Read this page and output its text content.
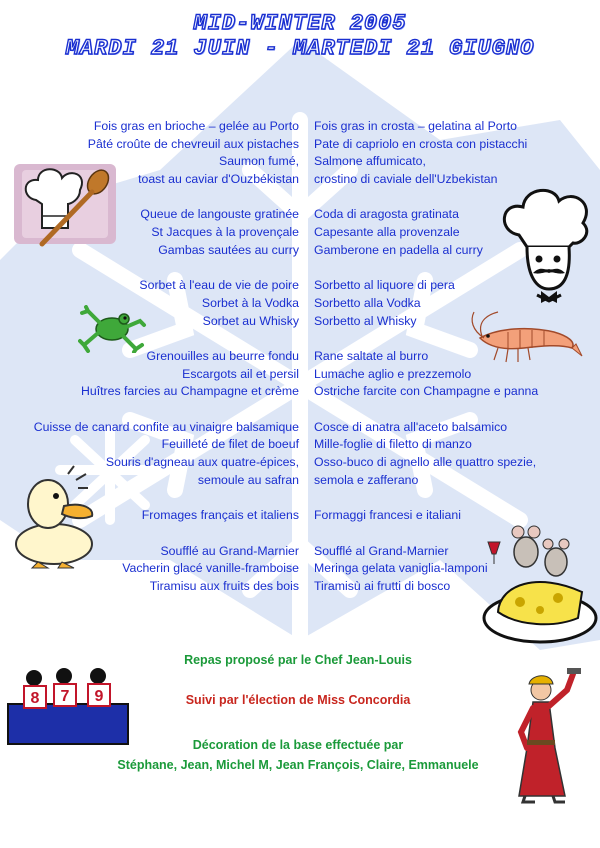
MID-WINTER 2005
MARDI 21 JUIN - MARTEDI 21 GIUGNO
Fois gras en brioche – gelée au Porto Fois gras in crosta – gelatina al Porto
Pâté croûte de chevreuil aux pistaches Pate di capriolo en crosta con pistacchi
Saumon fumé, Salmone affumicato,
toast au caviar d'Ouzbékistan crostino di caviale dell'Uzbekistan
Queue de langouste gratinée Coda di aragosta gratinata
St Jacques à la provençale Capesante alla provenzale
Gambas sautées au curry Gamberone en padella al curry
Sorbet à l'eau de vie de poire Sorbetto al liquore di pera
Sorbet à la Vodka Sorbetto alla Vodka
Sorbet au Whisky Sorbetto al Whisky
Grenouilles au beurre fondu Rane saltate al burro
Escargots ail et persil Lumache aglio e prezzemolo
Huîtres farcies au Champagne et crème Ostriche farcite con Champagne e panna
Cuisse de canard confite au vinaigre balsamique Cosce di anatra all'aceto balsamico
Feuilleté de filet de boeuf Mille-foglie di filetto di manzo
Souris d'agneau aux quatre-épices, Osso-buco di agnello alle quattro spezie,
semoule au safran semola e zafferano
Fromages français et italiens Formaggi francesi e italiani
Soufflé au Grand-Marnier Soufflé al Grand-Marnier
Vacherin glacé vanille-framboise Meringa gelata vaniglia-lamponi
Tiramisu aux fruits des bois Tiramisù ai frutti di bosco
8 7 9
Repas proposé par le Chef Jean-Louis
Suivi par l'élection de Miss Concordia
Décoration de la base effectuée par
Stéphane, Jean, Michel M, Jean François, Claire, Emmanuele
